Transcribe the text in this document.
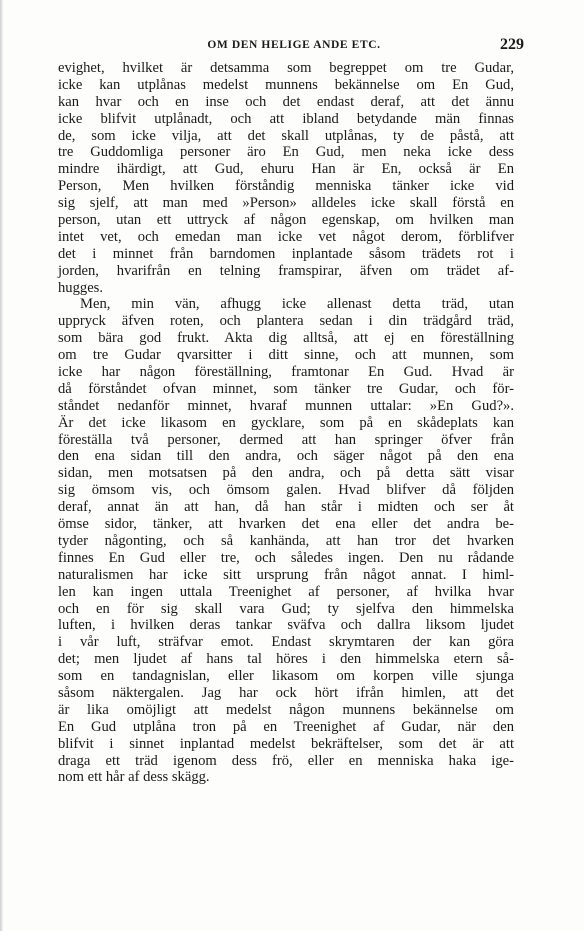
OM DEN HELIGE ANDE ETC.	229
evighet, hvilket är detsamma som begreppet om tre Gudar,
icke kan utplånas medelst munnens bekännelse om En Gud,
kan hvar och en inse och det endast deraf, att det ännu
icke blifvit utplånadt, och att ibland betydande män finnas
de, som icke vilja, att det skall utplånas, ty de påstå, att
tre Guddomliga personer äro En Gud, men neka icke dess
mindre ihärdigt, att Gud, ehuru Han är En, också är En
Person, Men hvilken förståndig menniska tänker icke vid
sig sjelf, att man med »Person» alldeles icke skall förstå en
person, utan ett uttryck af någon egenskap, om hvilken man
intet vet, och emedan man icke vet något derom, förblifver
det i minnet från barndomen inplantade såsom trädets rot i
jorden, hvarifrån en telning framspirar, äfven om trädet af-
hugges.
Men, min vän, afhugg icke allenast detta träd, utan
uppryck äfven roten, och plantera sedan i din trädgård träd,
som bära god frukt. Akta dig alltså, att ej en föreställning
om tre Gudar qvarsitter i ditt sinne, och att munnen, som
icke har någon föreställning, framtonar En Gud. Hvad är
då förståndet ofvan minnet, som tänker tre Gudar, och för-
ståndet nedanför minnet, hvaraf munnen uttalar: »En Gud?».
Är det icke likasom en gycklare, som på en skådeplats kan
föreställa två personer, dermed att han springer öfver från
den ena sidan till den andra, och säger något på den ena
sidan, men motsatsen på den andra, och på detta sätt visar
sig ömsom vis, och ömsom galen. Hvad blifver då följden
deraf, annat än att han, då han står i midten och ser åt
ömse sidor, tänker, att hvarken det ena eller det andra be-
tyder någonting, och så kanhända, att han tror det hvarken
finnes En Gud eller tre, och således ingen. Den nu rådande
naturalismen har icke sitt ursprung från något annat. I himl-
len kan ingen uttala Treenighet af personer, af hvilka hvar
och en för sig skall vara Gud; ty sjelfva den himmelska
luften, i hvilken deras tankar sväfva och dallra liksom ljudet
i vår luft, sträfvar emot. Endast skrymtaren der kan göra
det; men ljudet af hans tal höres i den himmelska etern så-
som en tandagnislan, eller likasom om korpen ville sjunga
såsom näktergalen. Jag har ock hört ifrån himlen, att det
är lika omöjligt att medelst någon munnens bekännelse om
En Gud utplåna tron på en Treenighet af Gudar, när den
blifvit i sinnet inplantad medelst bekräftelser, som det är att
draga ett träd igenom dess frö, eller en menniska haka ige-
nom ett hår af dess skägg.
